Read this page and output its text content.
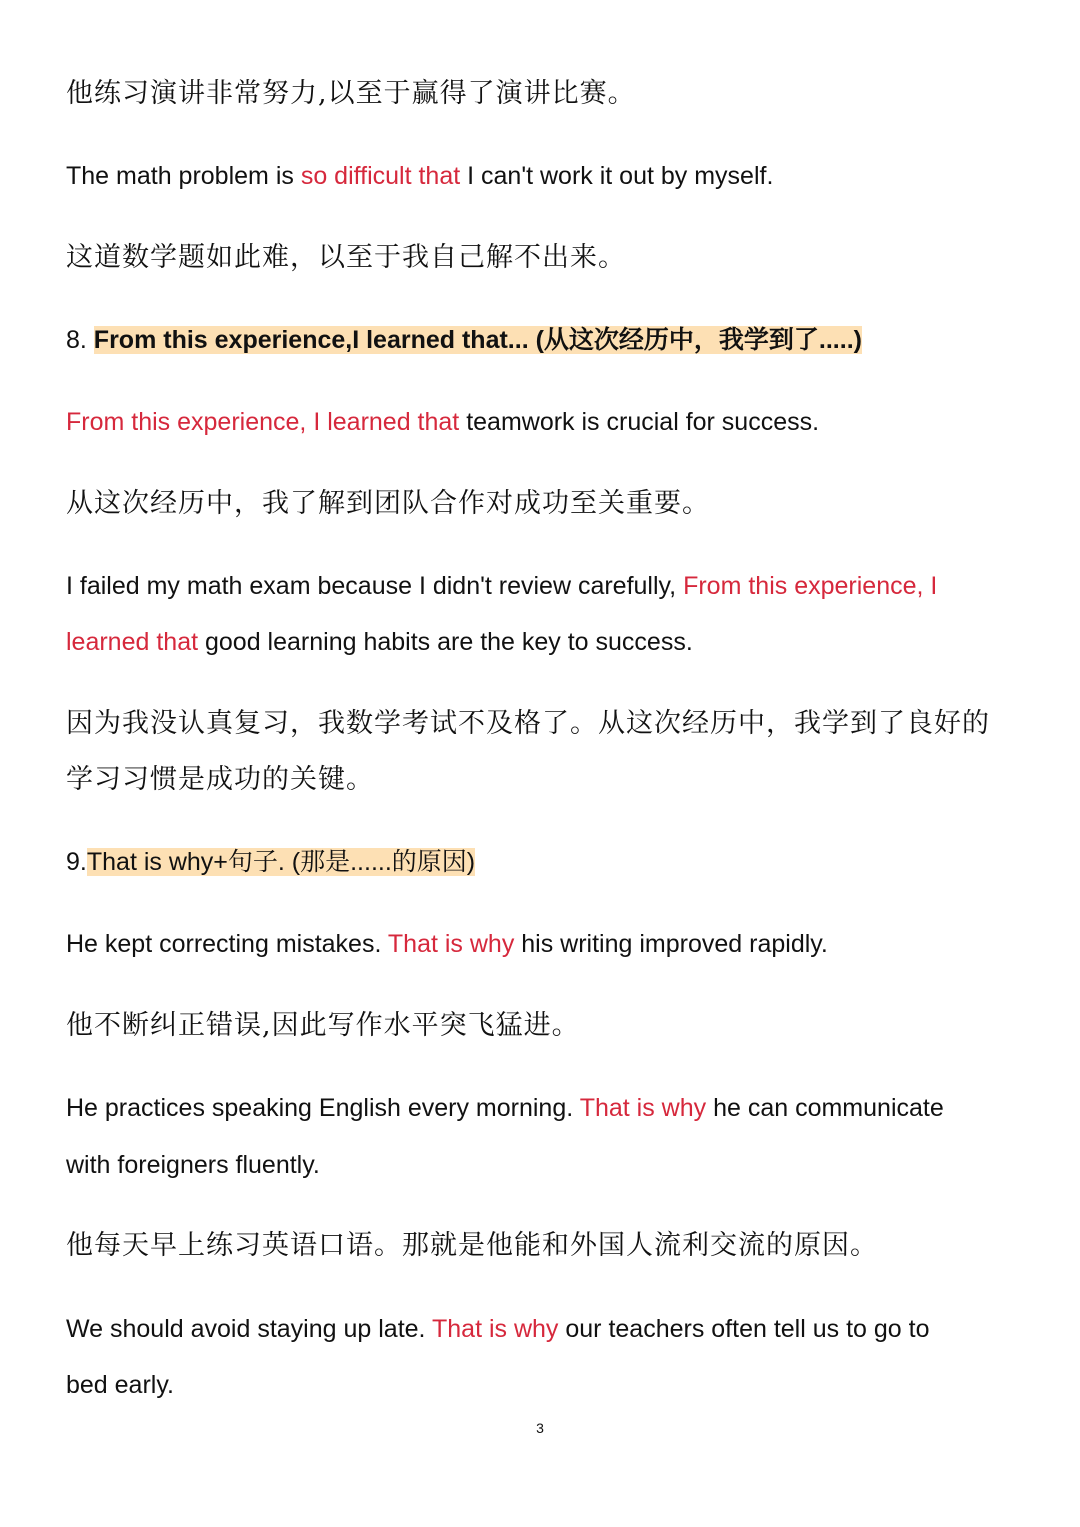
他练习演讲非常努力,以至于赢得了演讲比赛。
The math problem is so difficult that I can't work it out by myself.
这道数学题如此难，以至于我自己解不出来。
8. From this experience,I learned that... (从这次经历中，我学到了.....)
From this experience, I learned that teamwork is crucial for success.
从这次经历中，我了解到团队合作对成功至关重要。
I failed my math exam because I didn't review carefully, From this experience, I
learned that good learning habits are the key to success.
因为我没认真复习，我数学考试不及格了。从这次经历中，我学到了良好的
学习习惯是成功的关键。
9.That is why+句子. (那是......的原因)
He kept correcting mistakes. That is why his writing improved rapidly.
他不断纠正错误,因此写作水平突飞猛进。
He practices speaking English every morning. That is why he can communicate
with foreigners fluently.
他每天早上练习英语口语。那就是他能和外国人流利交流的原因。
We should avoid staying up late. That is why our teachers often tell us to go to
bed early.
3
